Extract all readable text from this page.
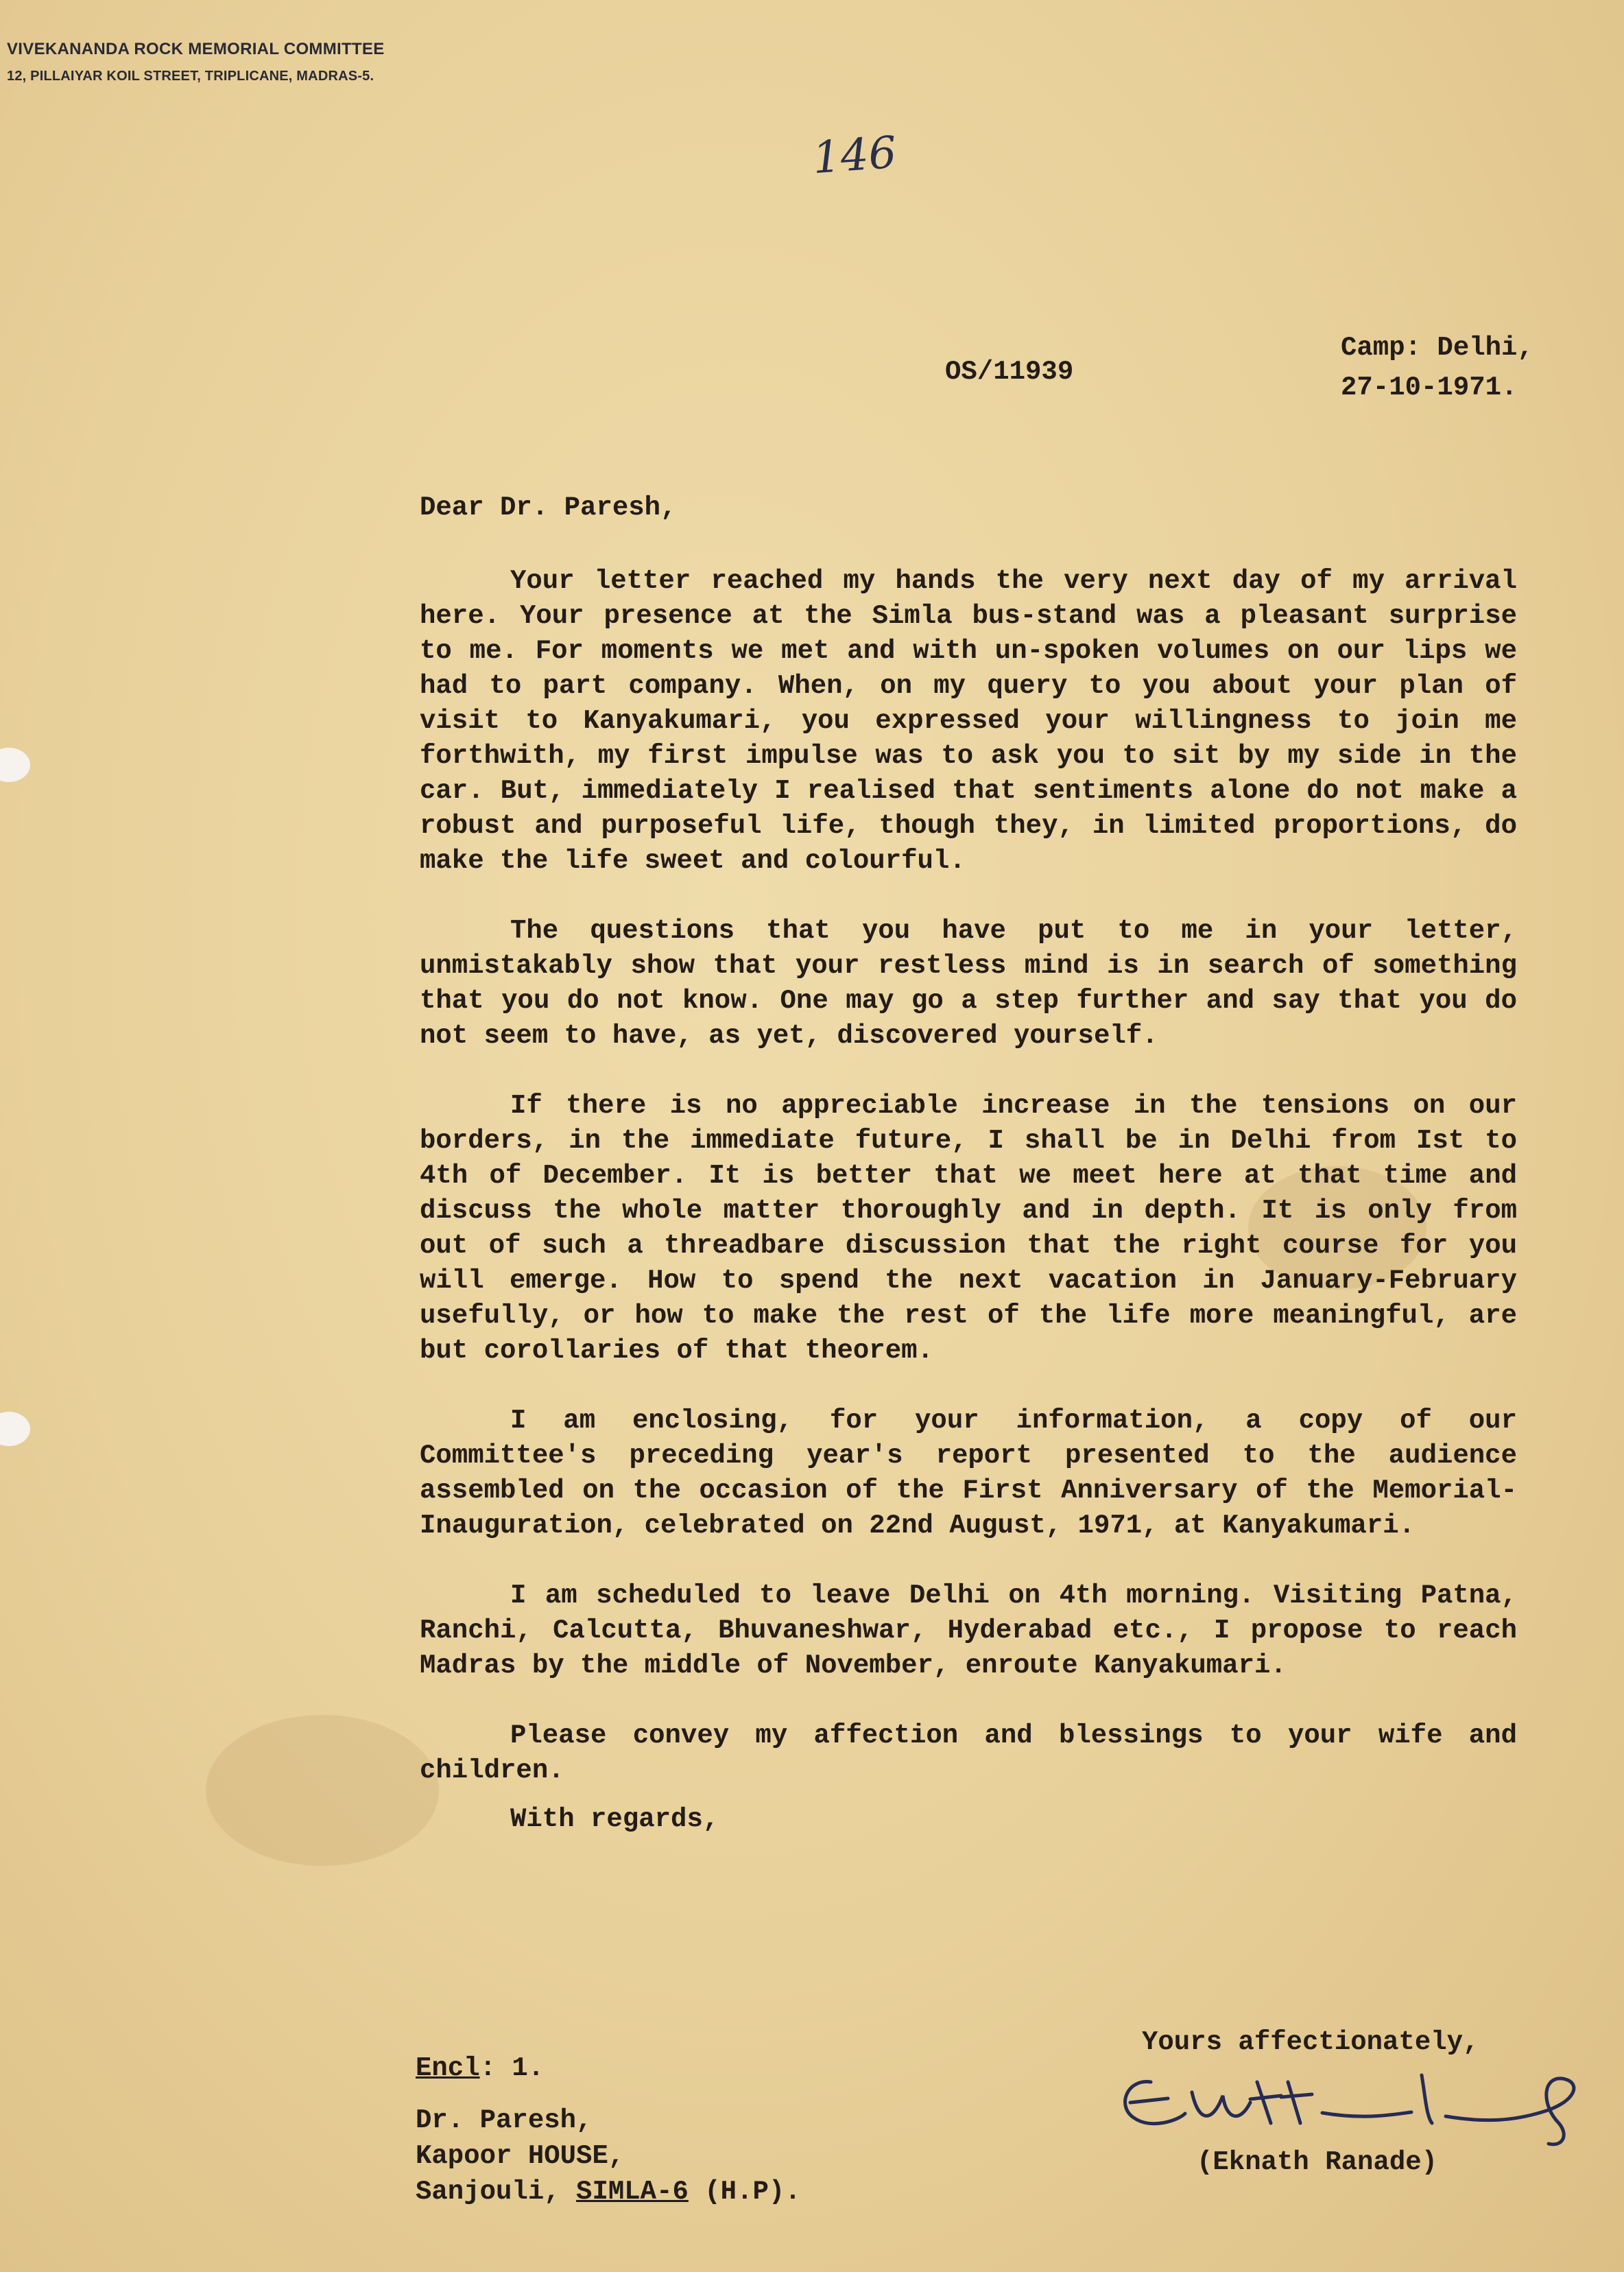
VIVEKANANDA ROCK MEMORIAL COMMITTEE
12, PILLAIYAR KOIL STREET, TRIPLICANE, MADRAS-5.
146
OS/11939
Camp: Delhi,
27-10-1971.
Dear Dr. Paresh,

Your letter reached my hands the very next day of my arrival here. Your presence at the Simla bus-stand was a pleasant surprise to me. For moments we met and with un-spoken volumes on our lips we had to part company. When, on my query to you about your plan of visit to Kanyakumari, you expressed your willingness to join me forthwith, my first impulse was to ask you to sit by my side in the car. But, immediately I realised that sentiments alone do not make a robust and purposeful life, though they, in limited proportions, do make the life sweet and colourful.

The questions that you have put to me in your letter, unmistakably show that your restless mind is in search of something that you do not know. One may go a step further and say that you do not seem to have, as yet, discovered yourself.

If there is no appreciable increase in the tensions on our borders, in the immediate future, I shall be in Delhi from Ist to 4th of December. It is better that we meet here at that time and discuss the whole matter thoroughly and in depth. It is only from out of such a threadbare discussion that the right course for you will emerge. How to spend the next vacation in January-February usefully, or how to make the rest of the life more meaningful, are but corollaries of that theorem.

I am enclosing, for your information, a copy of our Committee's preceding year's report presented to the audience assembled on the occasion of the First Anniversary of the Memorial-Inauguration, celebrated on 22nd August, 1971, at Kanyakumari.

I am scheduled to leave Delhi on 4th morning. Visiting Patna, Ranchi, Calcutta, Bhuvaneshwar, Hyderabad etc., I propose to reach Madras by the middle of November, enroute Kanyakumari.

Please convey my affection and blessings to your wife and children.

With regards,

Yours affectionately,
(Eknath Ranade)
Encl: 1.
Dr. Paresh,
Kapoor HOUSE,
Sanjouli, SIMLA-6 (H.P).
